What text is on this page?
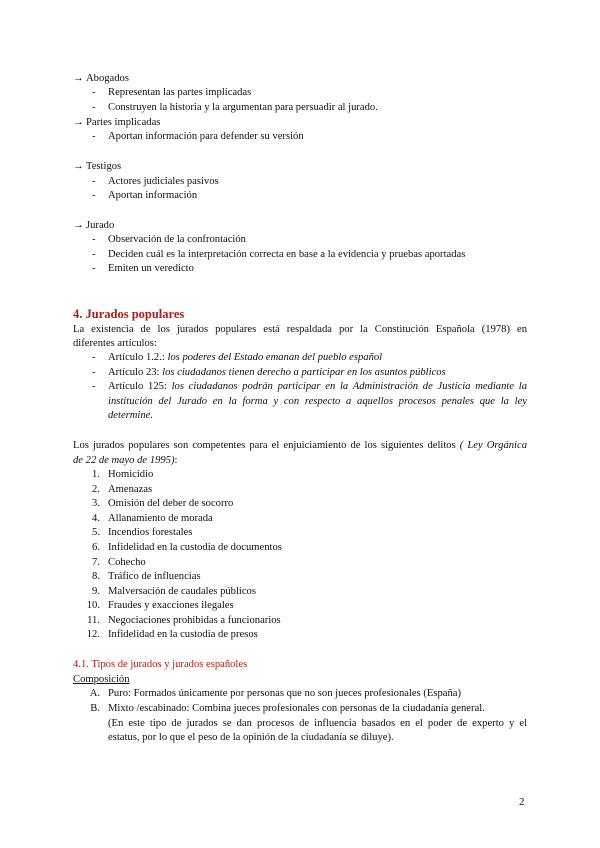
→ Abogados
- Representan las partes implicadas
- Construyen la historia y la argumentan para persuadir al jurado.
→ Partes implicadas
- Aportan información para defender su versión
→ Testigos
- Actores judiciales pasivos
- Aportan información
→ Jurado
- Observación de la confrontación
- Deciden cuál es la interpretación correcta en base a la evidencia y pruebas aportadas
- Emiten un veredicto
4. Jurados populares
La existencia de los jurados populares está respaldada por la Constitución Española (1978) en
diferentes artículos:
- Artículo 1.2.: los poderes del Estado emanan del pueblo español
- Artículo 23: los ciudadanos tienen derecho a participar en los asuntos públicos
- Artículo 125: los ciudadanos podrán participar en la Administración de Justicia mediante la
institución del Jurado en la forma y con respecto a aquellos procesos penales que la ley
determine.
Los jurados populares son competentes para el enjuiciamiento de los siguientes delitos ( Ley Orgánica
de 22 de mayo de 1995):
1. Homicidio
2. Amenazas
3. Omisión del deber de socorro
4. Allanamiento de morada
5. Incendios forestales
6. Infidelidad en la custodia de documentos
7. Cohecho
8. Tráfico de influencias
9. Malversación de caudales públicos
10. Fraudes y exacciones ilegales
11. Negociaciones prohibidas a funcionarios
12. Infidelidad en la custodia de presos
4.1. Tipos de jurados y jurados españoles
Composición
A. Puro: Formados únicamente por personas que no son jueces profesionales (España)
B. Mixto /escabinado: Combina jueces profesionales con personas de la ciudadanía general.
(En este tipo de jurados se dan procesos de influencia basados en el poder de experto y el
estatus, por lo que el peso de la opinión de la ciudadanía se diluye).
2
